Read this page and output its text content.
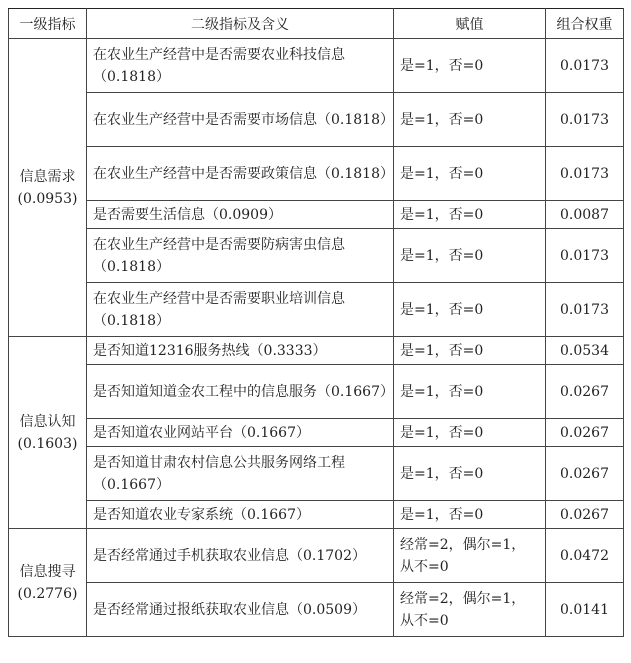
一级指标	二级指标及含义	赋值	组合权重

信息需求
(0.0953)	在农业生产经营中是否需要农业科技信息（0.1818）	是=1，否=0	0.0173
	在农业生产经营中是否需要市场信息（0.1818）	是=1，否=0	0.0173
	在农业生产经营中是否需要政策信息（0.1818）	是=1，否=0	0.0173
	是否需要生活信息（0.0909）	是=1，否=0	0.0087
	在农业生产经营中是否需要防病害虫信息（0.1818）	是=1，否=0	0.0173
	在农业生产经营中是否需要职业培训信息（0.1818）	是=1，否=0	0.0173

信息认知
(0.1603)	是否知道12316服务热线（0.3333）	是=1，否=0	0.0534
	是否知道知道金农工程中的信息服务（0.1667）	是=1，否=0	0.0267
	是否知道农业网站平台（0.1667）	是=1，否=0	0.0267
	是否知道甘肃农村信息公共服务网络工程（0.1667）	是=1，否=0	0.0267
	是否知道农业专家系统（0.1667）	是=1，否=0	0.0267

信息搜寻
(0.2776)	是否经常通过手机获取农业信息（0.1702）	经常=2，偶尔=1，从不=0	0.0472
	是否经常通过报纸获取农业信息（0.0509）	经常=2，偶尔=1，从不=0	0.0141
